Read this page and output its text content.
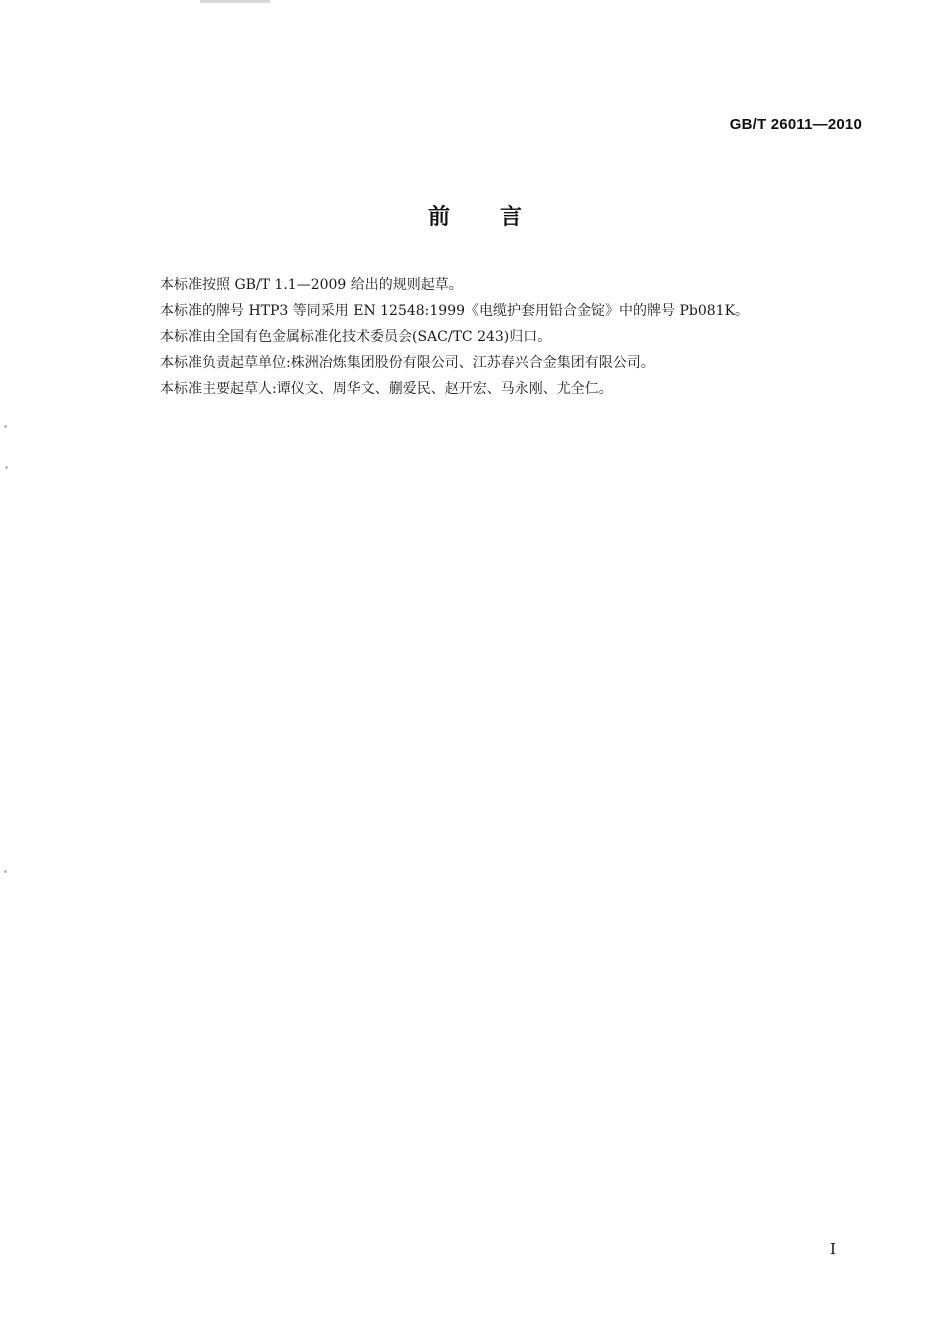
GB/T 26011—2010
前言
本标准按照 GB/T 1.1—2009 给出的规则起草。
本标准的牌号 HTP3 等同采用 EN 12548:1999《电缆护套用铅合金锭》中的牌号 Pb081K。
本标准由全国有色金属标准化技术委员会(SAC/TC 243)归口。
本标准负责起草单位:株洲冶炼集团股份有限公司、江苏春兴合金集团有限公司。
本标准主要起草人:谭仪文、周华文、蒯爱民、赵开宏、马永刚、尤全仁。
I
